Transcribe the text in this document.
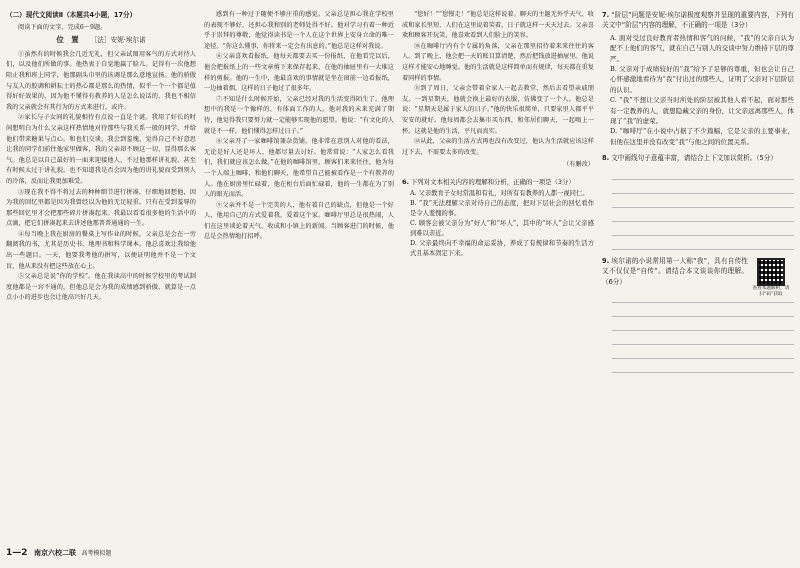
（二）现代文阅读Ⅱ（本题共4小题，17分）

阅读下面的文字，完成6～9题。

位　置 ［法］安妮·埃尔诺

①虽然有的时候我会几近无礼，但父亲试图用客气的方式对待人们，以及他们所做的事。他热衷于自觉地赢了脸儿。记得有一次他想阻止我和班上同学，他那副头巾里的该调是那么意地宣扬。他的骄傲与友人的胶调和耕耘士的热心都是那么的热情，似乎一个一个都是值得好好效果的。因为他不懂得有教养的人是怎么说话的，我也不相信我的父亲就会有其行为的方式来进行，或许。

②家长与子女间的礼貌相待有点说一直是个谜。我用了好长的时间想明白为什么父亲这样热情地对待那些与我关系一般的同学，并给他们带来糖果与点心。和也们交谈，我会到羞愧，觉得自己不好意思让我的同学们前往他家里做客，我的父亲却不顾这一切，显得那么客气。他总是以自己最好的一面来迎接他人，不过他那样讲礼貌，甚至有时候太过于讲礼貌，也不知道我是否会因为他的讲礼貌而受到别人的冷落，反而让我更加难受。

③现在我不得不将过去的种种细节进行拼凑，仔细地回想他，因为我的回忆里都是因为我曾经以为他的无足轻重。只有在受到羞辱的那些回忆里才会把那些碎片拼凑起来。我最以看看很多他的生活中的点滴，把它们拼凑起来去讲述他那普普通通的一生。

④每当晚上我在厨房的餐桌上写作业的时候，父亲总是会在一旁翻阅我的书，尤其是历史书、地理书和科学课本。他总喜欢让我给他出一些题目。一天，他要我考他的拼写，以便证明他并不是一个文盲，他从来没有把这些放在心上。

⑤父亲总是说“你的学校”。他在我读高中的时候学校里的考试制度他都是一窍不通的，但他总是会为我的成绩感到骄傲，就算是一点点小小的进步也会让他高兴好几天。

感到有一种过于随便不够庄重的感觉。父亲总是担心我在学校里的表现不够好，还担心我和别的老师处得不好。他对学习有着一种近乎于崇拜的尊敬，他觉得读书是一个人在这个世界上安身立命的唯一途径。“你这么懂事，你将来一定会有出息的。”他总是这样对我说。

⑥父亲喜欢看报纸，他每天都要去买一份报纸，在他看完以后，他会把报纸上的一些文章剪下来保存起来，在他的抽屉里有一大堆这样的剪报。他的一生中，他最喜欢的事情就是坐在窗前一边看报纸，一边抽着烟，这样的日子他过了很多年。

⑦不知是什么时候开始，父亲已经对我的生活变得陌生了。他理想中的我是一个像样的、有体面工作的人。他对我的未来充满了期待，他觉得我只要努力就一定能够实现他的愿望。他说：“有文化的人就是不一样，他们懂得怎样过日子。”

⑧父亲开了一家咖啡馆兼杂货铺。他非常在意别人对他的看法，无论是好人还是坏人，他都尽量去讨好。他常常说：“人家怎么看我们，我们就应该怎么做。”在他的咖啡馆里，顾客们来来往往，他为每一个人端上咖啡，和他们聊天，他希望自己能被看作是一个有教养的人。他在厨房里忙碌着，他在柜台后面忙碌着，他的一生都在为了别人的眼光而活。

⑨父亲并不是一个完美的人，他有着自己的缺点，但他是一个好人，他用自己的方式爱着我，爱着这个家。咖啡厅里总是很热闹，人们在这里谈论着天气、收成和小镇上的新闻。当顾客进门的时候，他总是会热情地打招呼。

“您好！”“您慢走！”他总是这样说着。聊天的主题无外乎天气、收成和家长里短，人们在这里说着笑着，日子就这样一天天过去。父亲喜欢和顾客开玩笑，他喜欢看到人们脸上的笑容。

⑩在咖啡厅内有个专属的角落，父亲在那里招待着来来往往的客人。到了晚上，他会把一天的账目算清楚，然后把钱放进抽屉里。他说这样才能安心地睡觉。他的生活就是这样简单而有规律，每天都在重复着同样的事情。

⑪到了周日，父亲会带着全家人一起去教堂，然后去看望亲戚朋友。一到星期天，他就会换上最好的衣服，仿佛变了一个人。他总是说：“星期天是属于家人的日子。”他的快乐很简单，只要家里人都平平安安的就好。他每周都会去集市买东西，和邻居们聊天，一起喝上一杯。这就是他的生活，平凡而真实。

⑫从此，父亲的生活方式再也没有改变过，他认为生活就应该这样过下去，不需要太多的改变。

（有删改）
6. 下列对文本相关内容的理解和分析，正确的一项是（3分）
A. 父亲教育子女时常温和有礼，对所有有教养的人都一视同仁。
B. “我”无法理解父亲对待自己的态度，把对下层社会的回忆看作是令人羞愧的事。
C. 顾客会被父亲分为“好人”和“坏人”，其中的“坏人”会让父亲感到难以亲近。
D. 父亲最终向不幸福的命运妥协，养成了有规律和节奏的生活方式且基本固定下来。
7. “阶层”问题是安妮·埃尔诺极度观察并呈现的重要内容，下列有关文中“阶层”内容的理解，不正确的一项是（3分）
A. 面对受过良好教育者热情和客气的问候，“我”的父亲自认为配不上他们的客气，就在自己与别人的交谈中努力维持下层的尊严。
B. 父亲对于成绩较好的“我”给予了足够的尊重，但也会让自己心怀感激地看待为“我”付出过的那些人，证明了父亲对下层阶层的认识。
C. “我”不想让父亲当时所处的阶层被其他人看不起，面对那些有一定教养的人，就想隐藏父亲的身份，让父亲远离那些人，体现了“我”的虚荣。
D. “咖啡厅”在小说中占据了不少篇幅，它是父亲的主要事业，但他在这里并没有改变“我”与他之间的位置关系。
8. 文中画线句子意蕴丰富，请结合上下文加以赏析。（5分）
9. 埃尔诺的小说常用第一人称“我”，具有自传性又不仅仅是“自传”。请结合本文谈谈你的理解。（6分）
查看本题解析，请扫“码”获取
1—2 南京六校二联 高考模拟题
